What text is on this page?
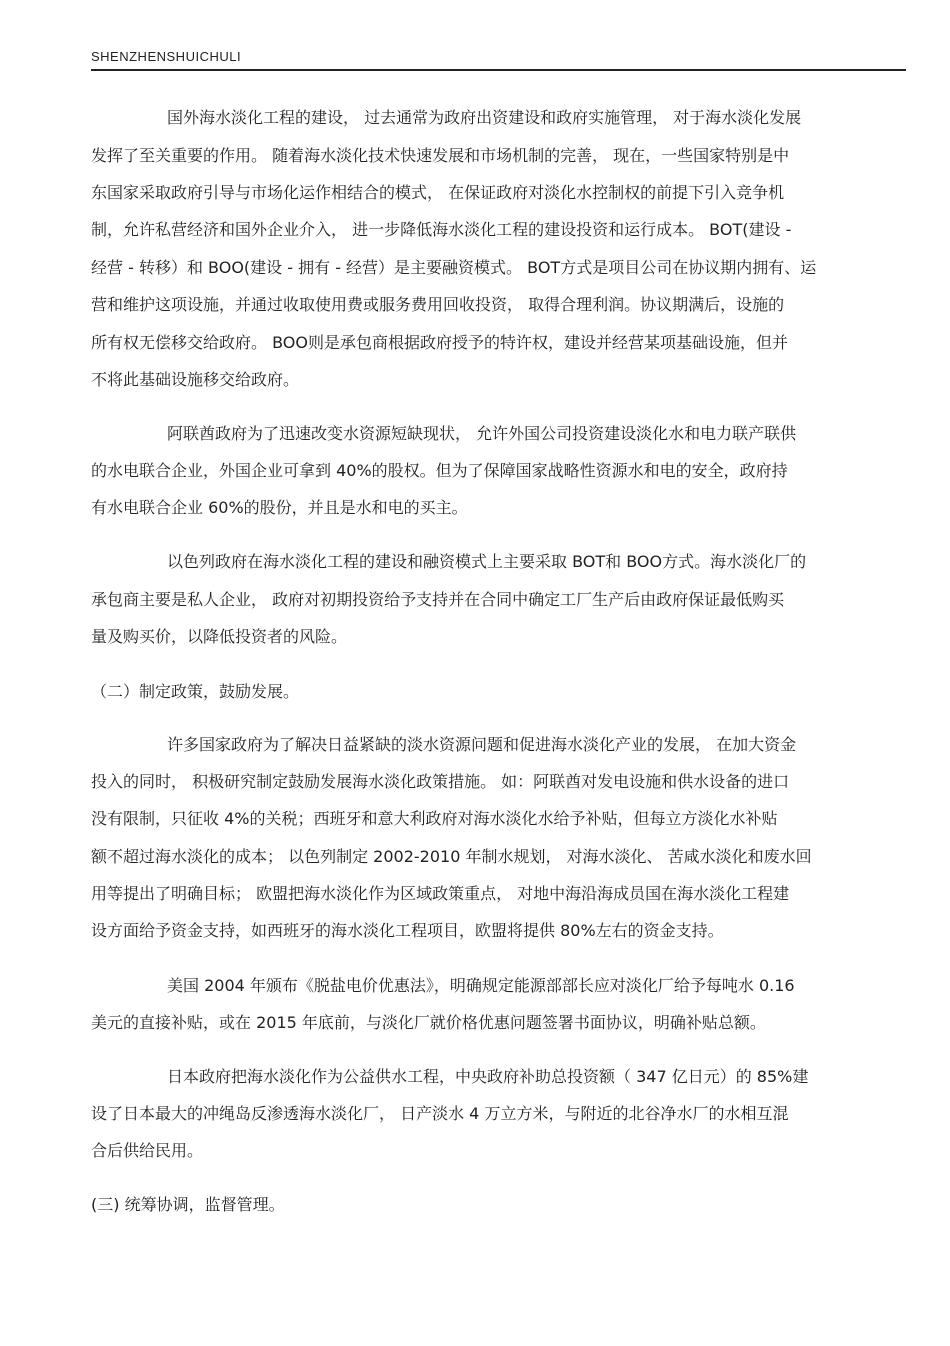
SHENZHENSHUICHULI
国外海水淡化工程的建设， 过去通常为政府出资建设和政府实施管理， 对于海水淡化发展
发挥了至关重要的作用。 随着海水淡化技术快速发展和市场机制的完善， 现在，一些国家特别是中
东国家采取政府引导与市场化运作相结合的模式， 在保证政府对淡化水控制权的前提下引入竞争机
制，允许私营经济和国外企业介入， 进一步降低海水淡化工程的建设投资和运行成本。 BOT(建设 -
经营 - 转移）和 BOO(建设 - 拥有 - 经营）是主要融资模式。 BOT方式是项目公司在协议期内拥有、运
营和维护这项设施，并通过收取使用费或服务费用回收投资， 取得合理利润。协议期满后，设施的
所有权无偿移交给政府。 BOO则是承包商根据政府授予的特许权，建设并经营某项基础设施，但并
不将此基础设施移交给政府。
阿联酋政府为了迅速改变水资源短缺现状， 允许外国公司投资建设淡化水和电力联产联供
的水电联合企业，外国企业可拿到 40%的股权。但为了保障国家战略性资源水和电的安全，政府持
有水电联合企业 60%的股份，并且是水和电的买主。
以色列政府在海水淡化工程的建设和融资模式上主要采取 BOT和 BOO方式。海水淡化厂的
承包商主要是私人企业， 政府对初期投资给予支持并在合同中确定工厂生产后由政府保证最低购买
量及购买价，以降低投资者的风险。
（二）制定政策，鼓励发展。
许多国家政府为了解决日益紧缺的淡水资源问题和促进海水淡化产业的发展， 在加大资金
投入的同时， 积极研究制定鼓励发展海水淡化政策措施。 如：阿联酋对发电设施和供水设备的进口
没有限制，只征收 4%的关税；西班牙和意大利政府对海水淡化水给予补贴，但每立方淡化水补贴
额不超过海水淡化的成本； 以色列制定 2002-2010 年制水规划， 对海水淡化、 苦咸水淡化和废水回
用等提出了明确目标； 欧盟把海水淡化作为区域政策重点， 对地中海沿海成员国在海水淡化工程建
设方面给予资金支持，如西班牙的海水淡化工程项目，欧盟将提供 80%左右的资金支持。
美国 2004 年颁布《脱盐电价优惠法》，明确规定能源部部长应对淡化厂给予每吨水 0.16
美元的直接补贴，或在 2015 年底前，与淡化厂就价格优惠问题签署书面协议，明确补贴总额。
日本政府把海水淡化作为公益供水工程，中央政府补助总投资额（ 347 亿日元）的 85%建
设了日本最大的冲绳岛反渗透海水淡化厂， 日产淡水 4 万立方米，与附近的北谷净水厂的水相互混
合后供给民用。
(三) 统筹协调，监督管理。
